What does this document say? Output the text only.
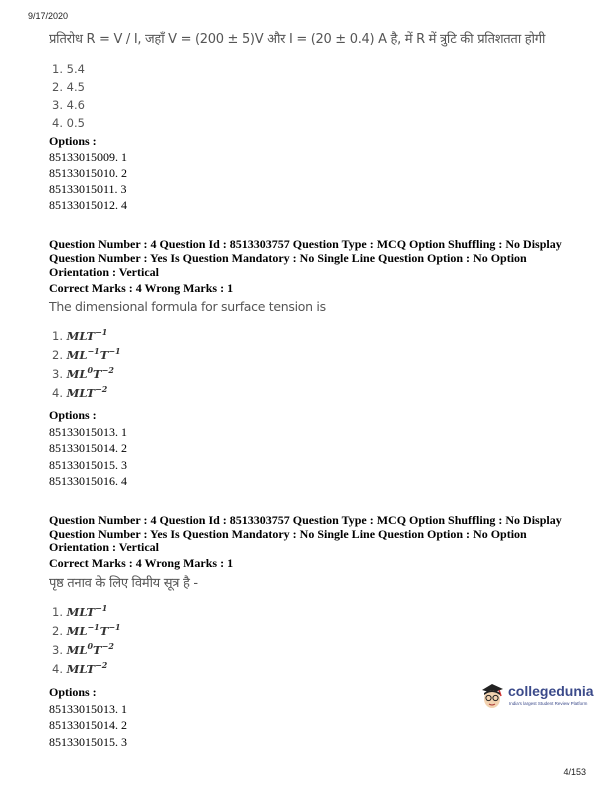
9/17/2020
प्रतिरोध R = V / I, जहाँ V = (200 ± 5)V और I = (20 ± 0.4) A है, में R में त्रुटि की प्रतिशतता होगी
1. 5.4
2. 4.5
3. 4.6
4. 0.5
Options :
85133015009. 1
85133015010. 2
85133015011. 3
85133015012. 4
Question Number : 4 Question Id : 8513303757 Question Type : MCQ Option Shuffling : No Display
Question Number : Yes Is Question Mandatory : No Single Line Question Option : No Option
Orientation : Vertical
Correct Marks : 4 Wrong Marks : 1
The dimensional formula for surface tension is
1. $MLT^{-1}$
2. $ML^{-1}T^{-1}$
3. $ML^0T^{-2}$
4. $MLT^{-2}$
Options :
85133015013. 1
85133015014. 2
85133015015. 3
85133015016. 4
Question Number : 4 Question Id : 8513303757 Question Type : MCQ Option Shuffling : No Display
Question Number : Yes Is Question Mandatory : No Single Line Question Option : No Option
Orientation : Vertical
Correct Marks : 4 Wrong Marks : 1
पृष्ठ तनाव के लिए विमीय सूत्र है -
1. $MLT^{-1}$
2. $ML^{-1}T^{-1}$
3. $ML^0T^{-2}$
4. $MLT^{-2}$
Options :
85133015013. 1
85133015014. 2
85133015015. 3
collegedunia
India's largest Student Review Platform
4/153
